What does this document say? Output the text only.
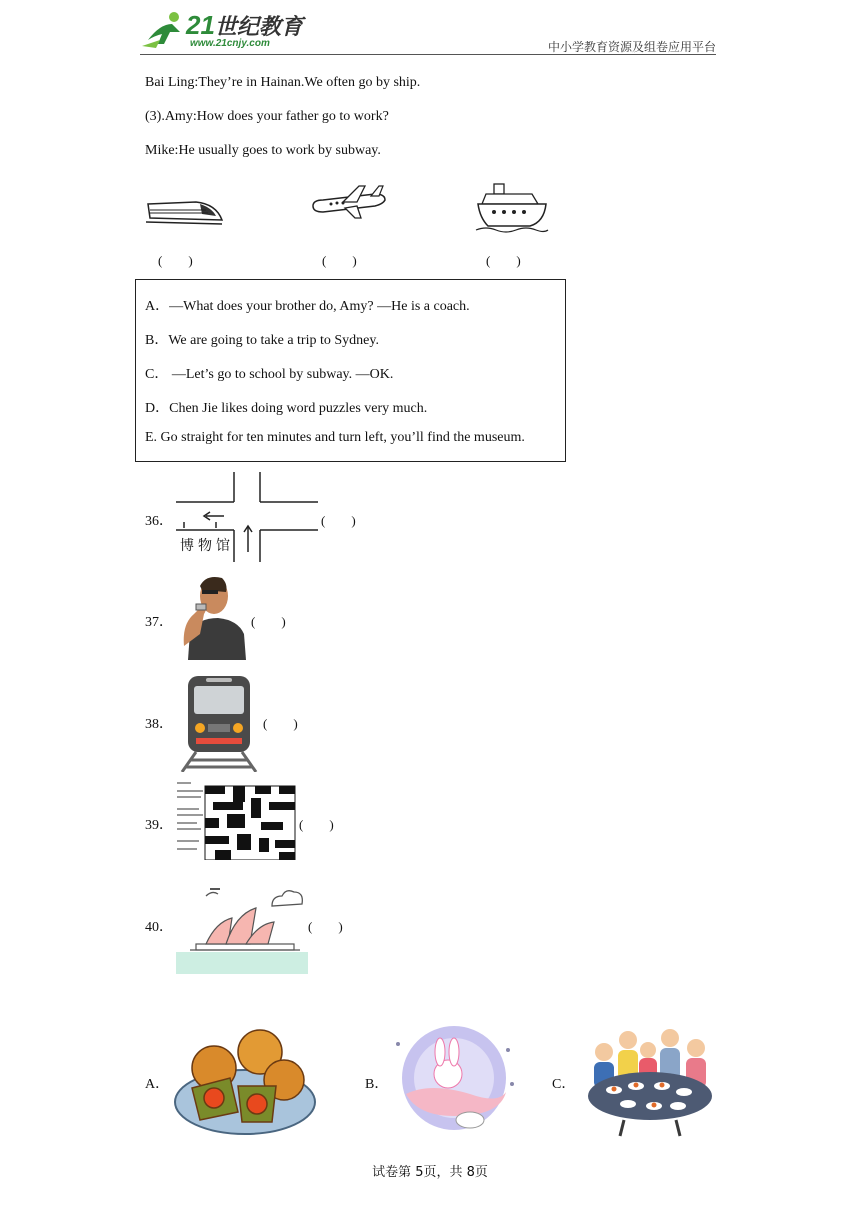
21世纪教育
www.21cnjy.com	中小学教育资源及组卷应用平台
Bai Ling:They’re in Hainan.We often go by ship.
(3).Amy:How does your father go to work?
Mike:He usually goes to work by subway.
(　　)	(　　)	(　　)
A．—What does your brother do, Amy? —He is a coach.
B．We are going to take a trip to Sydney.
C． —Let’s go to school by subway. —OK.
D．Chen Jie likes doing word puzzles very much.
E. Go straight for ten minutes and turn left, you’ll find the museum.
36．
博物馆
(　　)
37．	(　　)
38．	(　　)
39．	(　　)
40．	(　　)
A．	B．	C．
试卷第 5页，共 8页
